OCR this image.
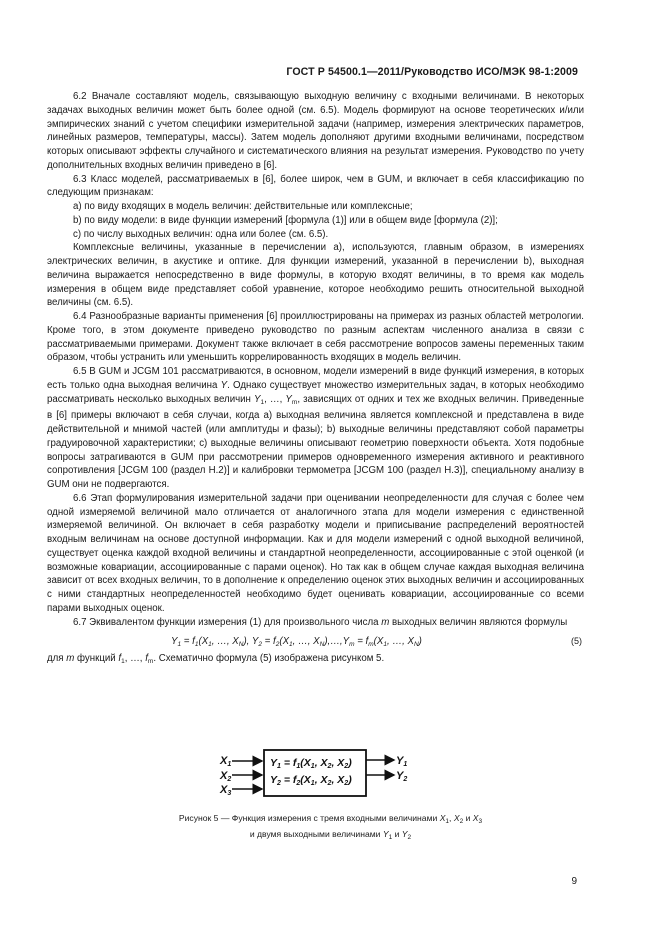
ГОСТ Р 54500.1—2011/Руководство ИСО/МЭК 98-1:2009

6.2 Вначале составляют модель, связывающую выходную величину с входными величинами. В некоторых задачах выходных величин может быть более одной (см. 6.5). Модель формируют на основе теоретических и/или эмпирических знаний с учетом специфики измерительной задачи (например, измерения электрических параметров, линейных размеров, температуры, массы). Затем модель дополняют другими входными величинами, посредством которых описывают эффекты случайного и систематического влияния на результат измерения. Руководство по учету дополнительных входных величин приведено в [6].

6.3 Класс моделей, рассматриваемых в [6], более широк, чем в GUM, и включает в себя классификацию по следующим признакам:

a) по виду входящих в модель величин: действительные или комплексные;

b) по виду модели: в виде функции измерений [формула (1)] или в общем виде [формула (2)];

c) по числу выходных величин: одна или более (см. 6.5).

Комплексные величины, указанные в перечислении a), используются, главным образом, в измерениях электрических величин, в акустике и оптике. Для функции измерений, указанной в перечислении b), выходная величина выражается непосредственно в виде формулы, в которую входят величины, в то время как модель измерения в общем виде представляет собой уравнение, которое необходимо решить относительной выходной величины (см. 6.5).

6.4 Разнообразные варианты применения [6] проиллюстрированы на примерах из разных областей метрологии. Кроме того, в этом документе приведено руководство по разным аспектам численного анализа в связи с рассматриваемыми примерами. Документ также включает в себя рассмотрение вопросов замены переменных таким образом, чтобы устранить или уменьшить коррелированность входящих в модель величин.

6.5 В GUM и JCGM 101 рассматриваются, в основном, модели измерений в виде функций измерения, в которых есть только одна выходная величина Y. Однако существует множество измерительных задач, в которых необходимо рассматривать несколько выходных величин $Y_1$, …, $Y_m$, зависящих от одних и тех же входных величин. Приведенные в [6] примеры включают в себя случаи, когда a) выходная величина является комплексной и представлена в виде действительной и мнимой частей (или амплитуды и фазы); b) выходные величины представляют собой параметры градуировочной характеристики; c) выходные величины описывают геометрию поверхности объекта. Хотя подобные вопросы затрагиваются в GUM при рассмотрении примеров одновременного измерения активного и реактивного сопротивления [JCGM 100 (раздел H.2)] и калибровки термометра [JCGM 100 (раздел H.3)], специальному анализу в GUM они не подвергаются.

6.6 Этап формулирования измерительной задачи при оценивании неопределенности для случая с более чем одной измеряемой величиной мало отличается от аналогичного этапа для модели измерения с единственной измеряемой величиной. Он включает в себя разработку модели и приписывание распределений вероятностей входным величинам на основе доступной информации. Как и для модели измерений с одной выходной величиной, существует оценка каждой входной величины и стандартной неопределенности, ассоциированные с этой оценкой (и возможные ковариации, ассоциированные с парами оценок). Но так как в общем случае каждая выходная величина зависит от всех входных величин, то в дополнение к определению оценок этих выходных величин и ассоциированных с ними стандартных неопределенностей необходимо будет оценивать ковариации, ассоциированные со всеми парами выходных оценок.

6.7 Эквивалентом функции измерения (1) для произвольного числа m выходных величин являются формулы

$Y_1 = f_1(X_1$, …, $X_N$), $Y_2 = f_2(X_1$, …, $X_N),\dots,Y_m = f_m(X_1$, …, $X_N$)	(5)

для m функций $f_1$, …, $f_m$. Схематично формула (5) изображена рисунком 5.

X1
X2
X3
Y1 = f1(X1, X2, X2)
Y2 = f2(X1, X2, X2)
Y1
Y2
Рисунок 5 — Функция измерения с тремя входными величинами $X_1$, $X_2$ и $X_3$
и двумя выходными величинами $Y_1$ и $Y_2$
9
